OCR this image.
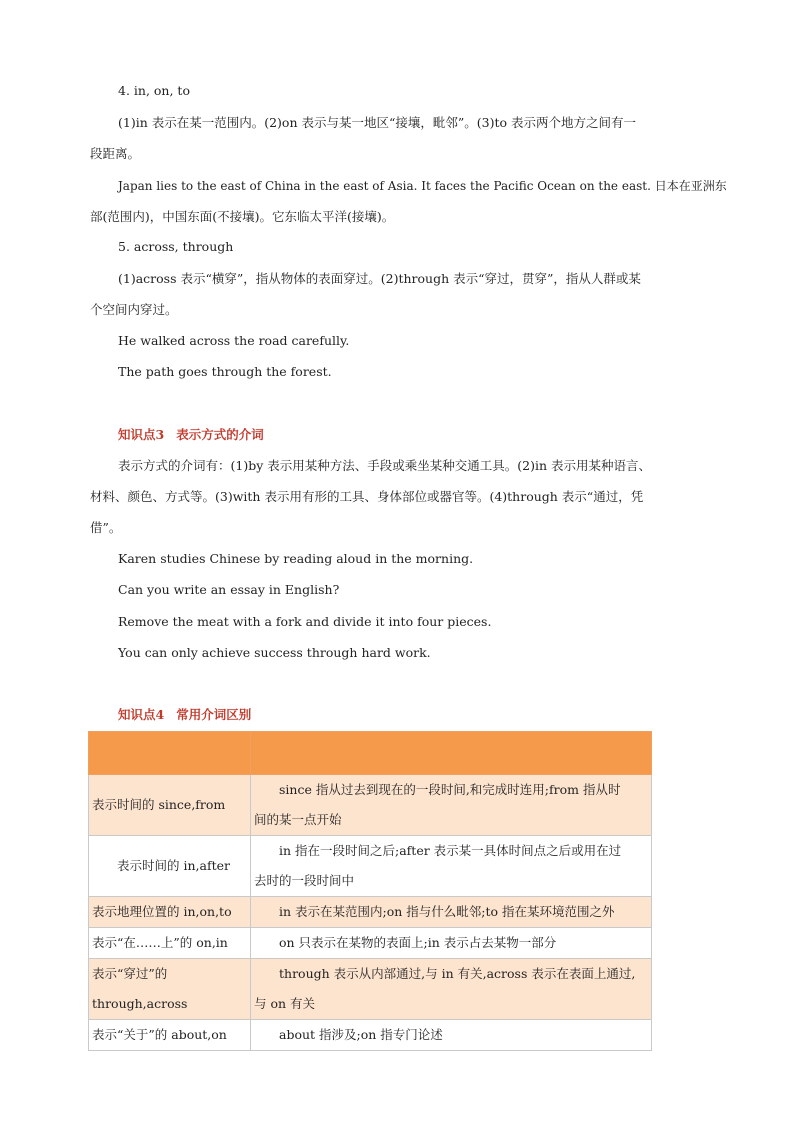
4. in, on, to
(1)in 表示在某一范围内。(2)on 表示与某一地区“接壤，毗邻”。(3)to 表示两个地方之间有一
段距离。
Japan lies to the east of China in the east of Asia. It faces the Pacific Ocean on the east. 日本在亚洲东
部(范围内)，中国东面(不接壤)。它东临太平洋(接壤)。
5. across, through
(1)across 表示“横穿”，指从物体的表面穿过。(2)through 表示“穿过，贯穿”，指从人群或某
个空间内穿过。
He walked across the road carefully.
The path goes through the forest.
知识点3 表示方式的介词
表示方式的介词有：(1)by 表示用某种方法、手段或乘坐某种交通工具。(2)in 表示用某种语言、
材料、颜色、方式等。(3)with 表示用有形的工具、身体部位或器官等。(4)through 表示“通过，凭
借”。
Karen studies Chinese by reading aloud in the morning.
Can you write an essay in English?
Remove the meat with a fork and divide it into four pieces.
You can only achieve success through hard work.
知识点4 常用介词区别

表示时间的 since,from	since 指从过去到现在的一段时间,和完成时连用;from 指从时
间的某一点开始
表示时间的 in,after	in 指在一段时间之后;after 表示某一具体时间点之后或用在过
去时的一段时间中
表示地理位置的 in,on,to	in 表示在某范围内;on 指与什么毗邻;to 指在某环境范围之外
表示“在……上”的 on,in	on 只表示在某物的表面上;in 表示占去某物一部分
表示“穿过”的
through,across	through 表示从内部通过,与 in 有关,across 表示在表面上通过,
与 on 有关
表示“关于”的 about,on	about 指涉及;on 指专门论述
